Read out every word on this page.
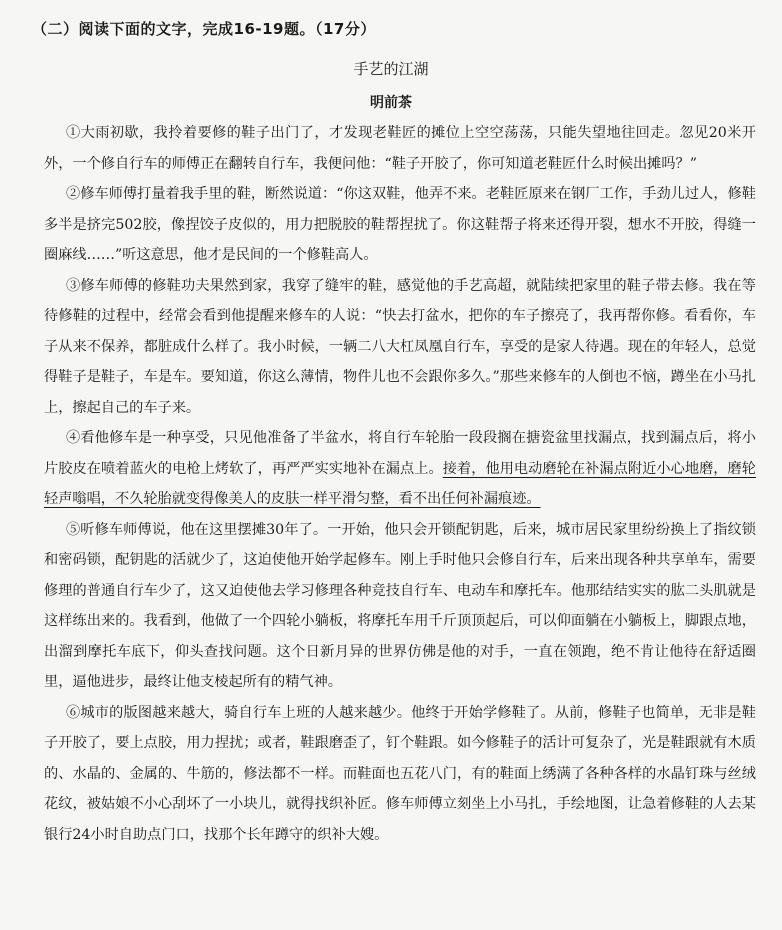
（二）阅读下面的文字，完成16-19题。（17分）
手艺的江湖
明前茶

①大雨初歇，我拎着要修的鞋子出门了，才发现老鞋匠的摊位上空空荡荡，只能失望地往回走。忽见20米开外，一个修自行车的师傅正在翻转自行车，我便问他：“鞋子开胶了，你可知道老鞋匠什么时候出摊吗？”

②修车师傅打量着我手里的鞋，断然说道：“你这双鞋，他弄不来。老鞋匠原来在钢厂工作，手劲儿过人，修鞋多半是挤完502胶，像捏饺子皮似的，用力把脱胶的鞋帮捏扰了。你这鞋帮子将来还得开裂，想水不开胶，得缝一圈麻线……”听这意思，他才是民间的一个修鞋高人。

③修车师傅的修鞋功夫果然到家，我穿了缝牢的鞋，感觉他的手艺高超，就陆续把家里的鞋子带去修。我在等待修鞋的过程中，经常会看到他提醒来修车的人说：“快去打盆水，把你的车子擦亮了，我再帮你修。看看你，车子从来不保养，都脏成什么样了。我小时候，一辆二八大杠凤凰自行车，享受的是家人待遇。现在的年轻人，总觉得鞋子是鞋子，车是车。要知道，你这么薄情，物件儿也不会跟你多久。”那些来修车的人倒也不恼，蹲坐在小马扎上，擦起自己的车子来。

④看他修车是一种享受，只见他准备了半盆水，将自行车轮胎一段段搁在搪瓷盆里找漏点，找到漏点后，将小片胶皮在喷着蓝火的电枪上烤软了，再严严实实地补在漏点上。接着，他用电动磨轮在补漏点附近小心地磨，磨轮轻声嗡唱，不久轮胎就变得像美人的皮肤一样平滑匀整，看不出任何补漏痕迹。

⑤听修车师傅说，他在这里摆摊30年了。一开始，他只会开锁配钥匙，后来，城市居民家里纷纷换上了指纹锁和密码锁，配钥匙的活就少了，这迫使他开始学起修车。刚上手时他只会修自行车，后来出现各种共享单车，需要修理的普通自行车少了，这又迫使他去学习修理各种竞技自行车、电动车和摩托车。他那结结实实的肱二头肌就是这样练出来的。我看到，他做了一个四轮小躺板，将摩托车用千斤顶顶起后，可以仰面躺在小躺板上，脚跟点地，出溜到摩托车底下，仰头查找问题。这个日新月异的世界仿佛是他的对手，一直在领跑，绝不肯让他待在舒适圈里，逼他进步，最终让他支棱起所有的精气神。

⑥城市的版图越来越大，骑自行车上班的人越来越少。他终于开始学修鞋了。从前，修鞋子也简单，无非是鞋子开胶了，要上点胶，用力捏扰；或者，鞋跟磨歪了，钉个鞋跟。如今修鞋子的活计可复杂了，光是鞋跟就有木质的、水晶的、金属的、牛筋的，修法都不一样。而鞋面也五花八门，有的鞋面上绣满了各种各样的水晶钉珠与丝绒花纹，被姑娘不小心刮坏了一小块儿，就得找织补匠。修车师傅立刻坐上小马扎，手绘地图，让急着修鞋的人去某银行24小时自助点门口，找那个长年蹲守的织补大嫂。
